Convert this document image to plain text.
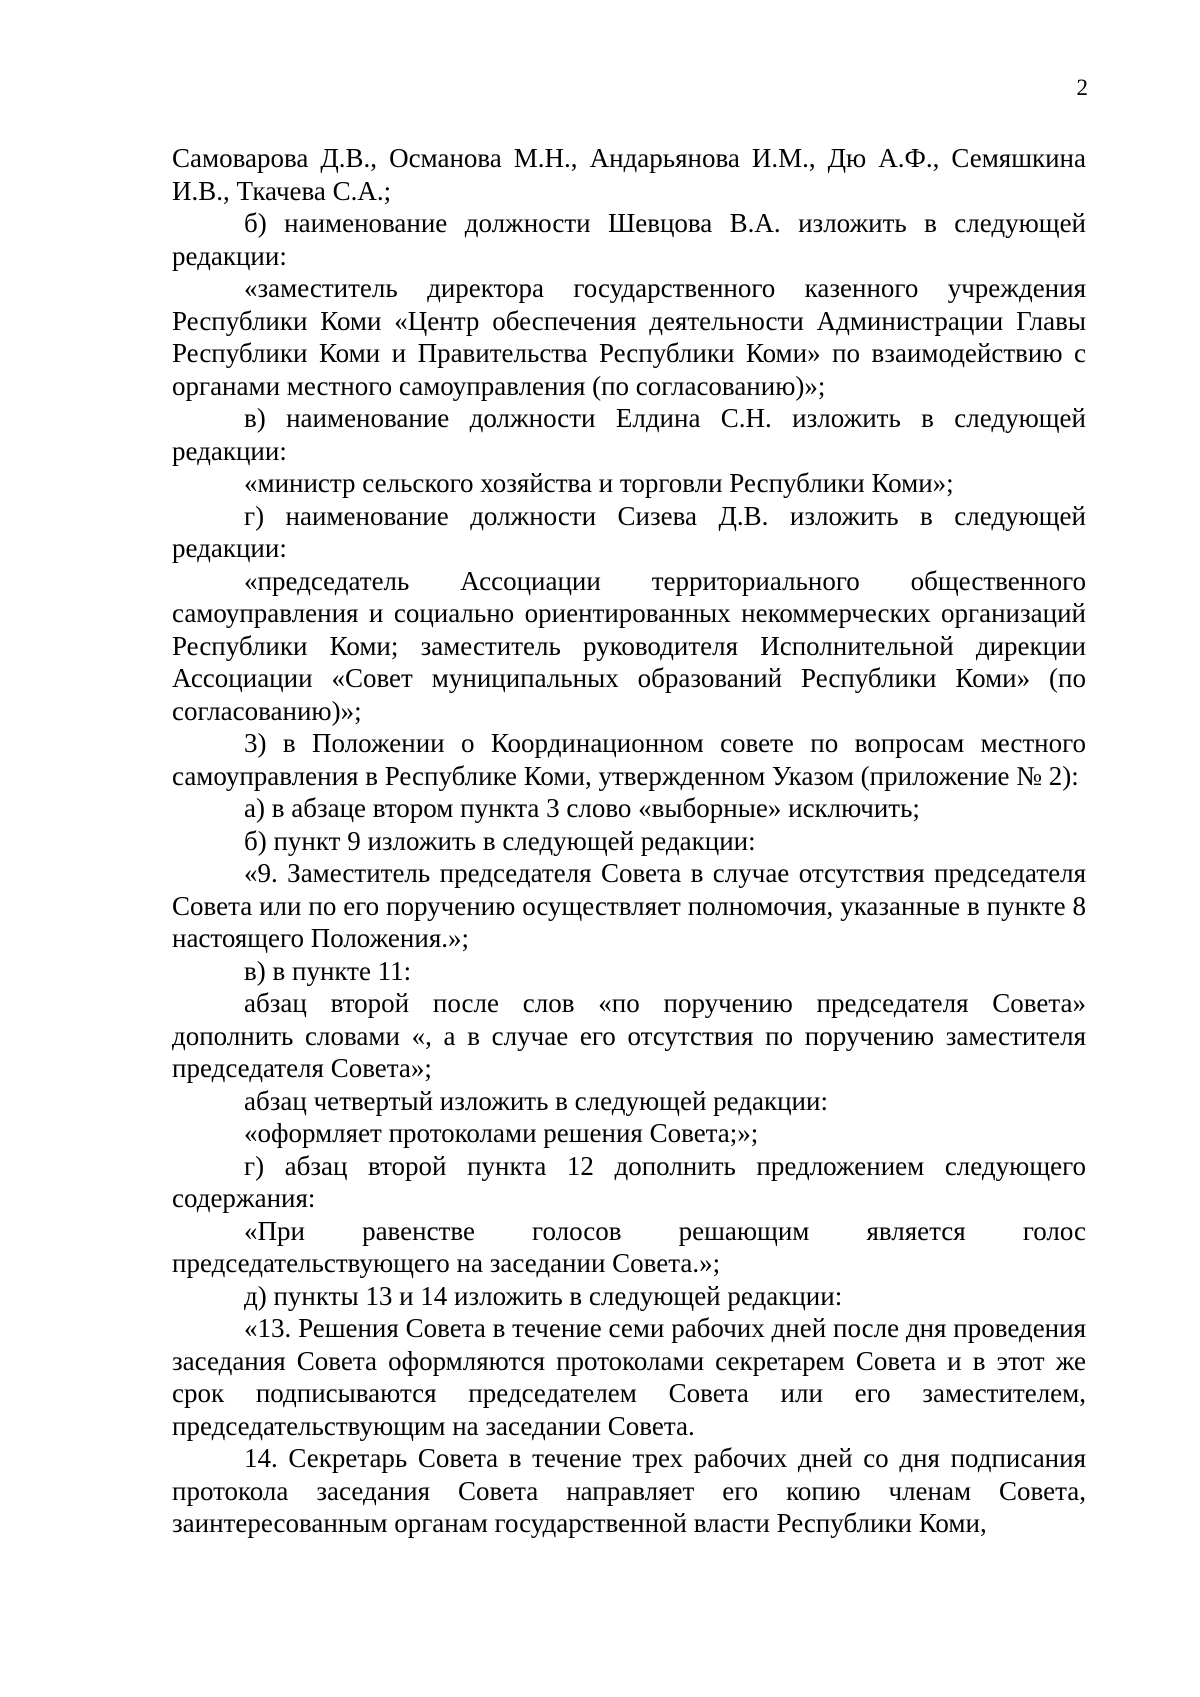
2

Самоварова Д.В., Османова М.Н., Андарьянова И.М., Дю А.Ф., Семяшкина И.В., Ткачева С.А.;

б) наименование должности Шевцова В.А. изложить в следующей редакции:

«заместитель директора государственного казенного учреждения Республики Коми «Центр обеспечения деятельности Администрации Главы Республики Коми и Правительства Республики Коми» по взаимодействию с органами местного самоуправления (по согласованию)»;

в) наименование должности Елдина С.Н. изложить в следующей редакции:

«министр сельского хозяйства и торговли Республики Коми»;

г) наименование должности Сизева Д.В. изложить в следующей редакции:

«председатель Ассоциации территориального общественного самоуправления и социально ориентированных некоммерческих организаций Республики Коми; заместитель руководителя Исполнительной дирекции Ассоциации «Совет муниципальных образований Республики Коми» (по согласованию)»;

3) в Положении о Координационном совете по вопросам местного самоуправления в Республике Коми, утвержденном Указом (приложение № 2):

а) в абзаце втором пункта 3 слово «выборные» исключить;

б) пункт 9 изложить в следующей редакции:

«9. Заместитель председателя Совета в случае отсутствия председателя Совета или по его поручению осуществляет полномочия, указанные в пункте 8 настоящего Положения.»;

в) в пункте 11:

абзац второй после слов «по поручению председателя Совета» дополнить словами «, а в случае его отсутствия по поручению заместителя председателя Совета»;

абзац четвертый изложить в следующей редакции:

«оформляет протоколами решения Совета;»;

г) абзац второй пункта 12 дополнить предложением следующего содержания:

«При равенстве голосов решающим является голос председательствующего на заседании Совета.»;

д) пункты 13 и 14 изложить в следующей редакции:

«13. Решения Совета в течение семи рабочих дней после дня проведения заседания Совета оформляются протоколами секретарем Совета и в этот же срок подписываются председателем Совета или его заместителем, председательствующим на заседании Совета.

14. Секретарь Совета в течение трех рабочих дней со дня подписания протокола заседания Совета направляет его копию членам Совета, заинтересованным органам государственной власти Республики Коми,
